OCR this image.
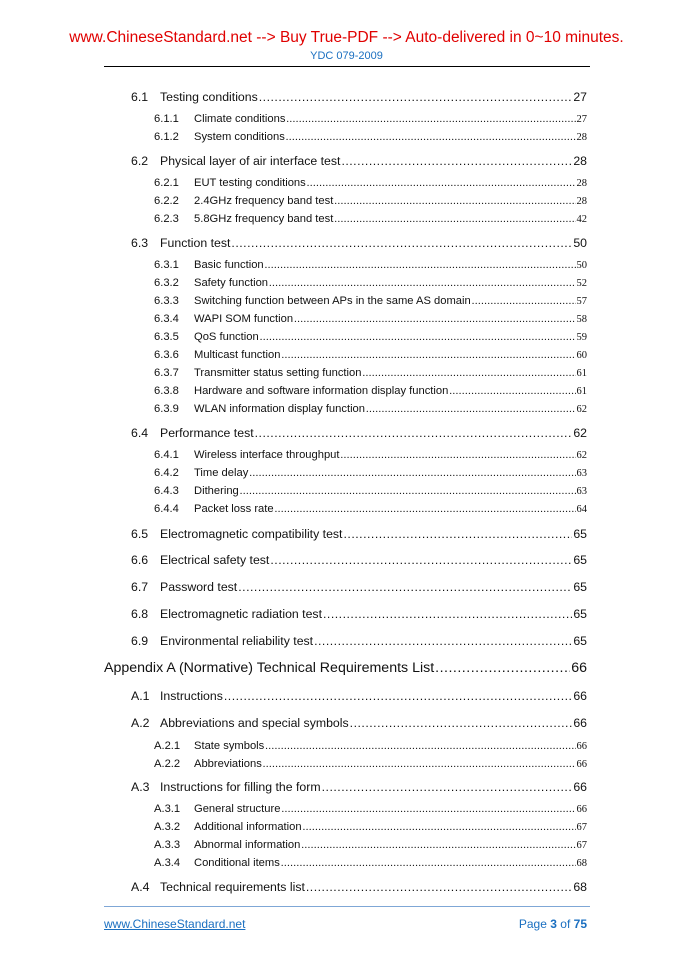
www.ChineseStandard.net --> Buy True-PDF --> Auto-delivered in 0~10 minutes.
YDC 079-2009
6.1 Testing conditions .....	27
6.1.1	Climate conditions .....	27
6.1.2	System conditions .....	28
6.2 Physical layer of air interface test .....	28
6.2.1	EUT testing conditions .....	28
6.2.2	2.4GHz frequency band test .....	28
6.2.3	5.8GHz frequency band test .....	42
6.3 Function test .....	50
6.3.1	Basic function .....	50
6.3.2	Safety function .....	52
6.3.3	Switching function between APs in the same AS domain .....	57
6.3.4	WAPI SOM function .....	58
6.3.5	QoS function .....	59
6.3.6	Multicast function .....	60
6.3.7	Transmitter status setting function .....	61
6.3.8	Hardware and software information display function .....	61
6.3.9	WLAN information display function .....	62
6.4 Performance test .....	62
6.4.1	Wireless interface throughput .....	62
6.4.2	Time delay .....	63
6.4.3	Dithering .....	63
6.4.4	Packet loss rate .....	64
6.5 Electromagnetic compatibility test .....	65
6.6 Electrical safety test .....	65
6.7 Password test .....	65
6.8 Electromagnetic radiation test .....	65
6.9 Environmental reliability test .....	65
Appendix A (Normative) Technical Requirements List .....	66
A.1 Instructions .....	66
A.2 Abbreviations and special symbols .....	66
A.2.1	State symbols .....	66
A.2.2	Abbreviations .....	66
A.3 Instructions for filling the form .....	66
A.3.1	General structure .....	66
A.3.2	Additional information .....	67
A.3.3	Abnormal information .....	67
A.3.4	Conditional items .....	68
A.4 Technical requirements list .....	68
www.ChineseStandard.net	Page 3 of 75
